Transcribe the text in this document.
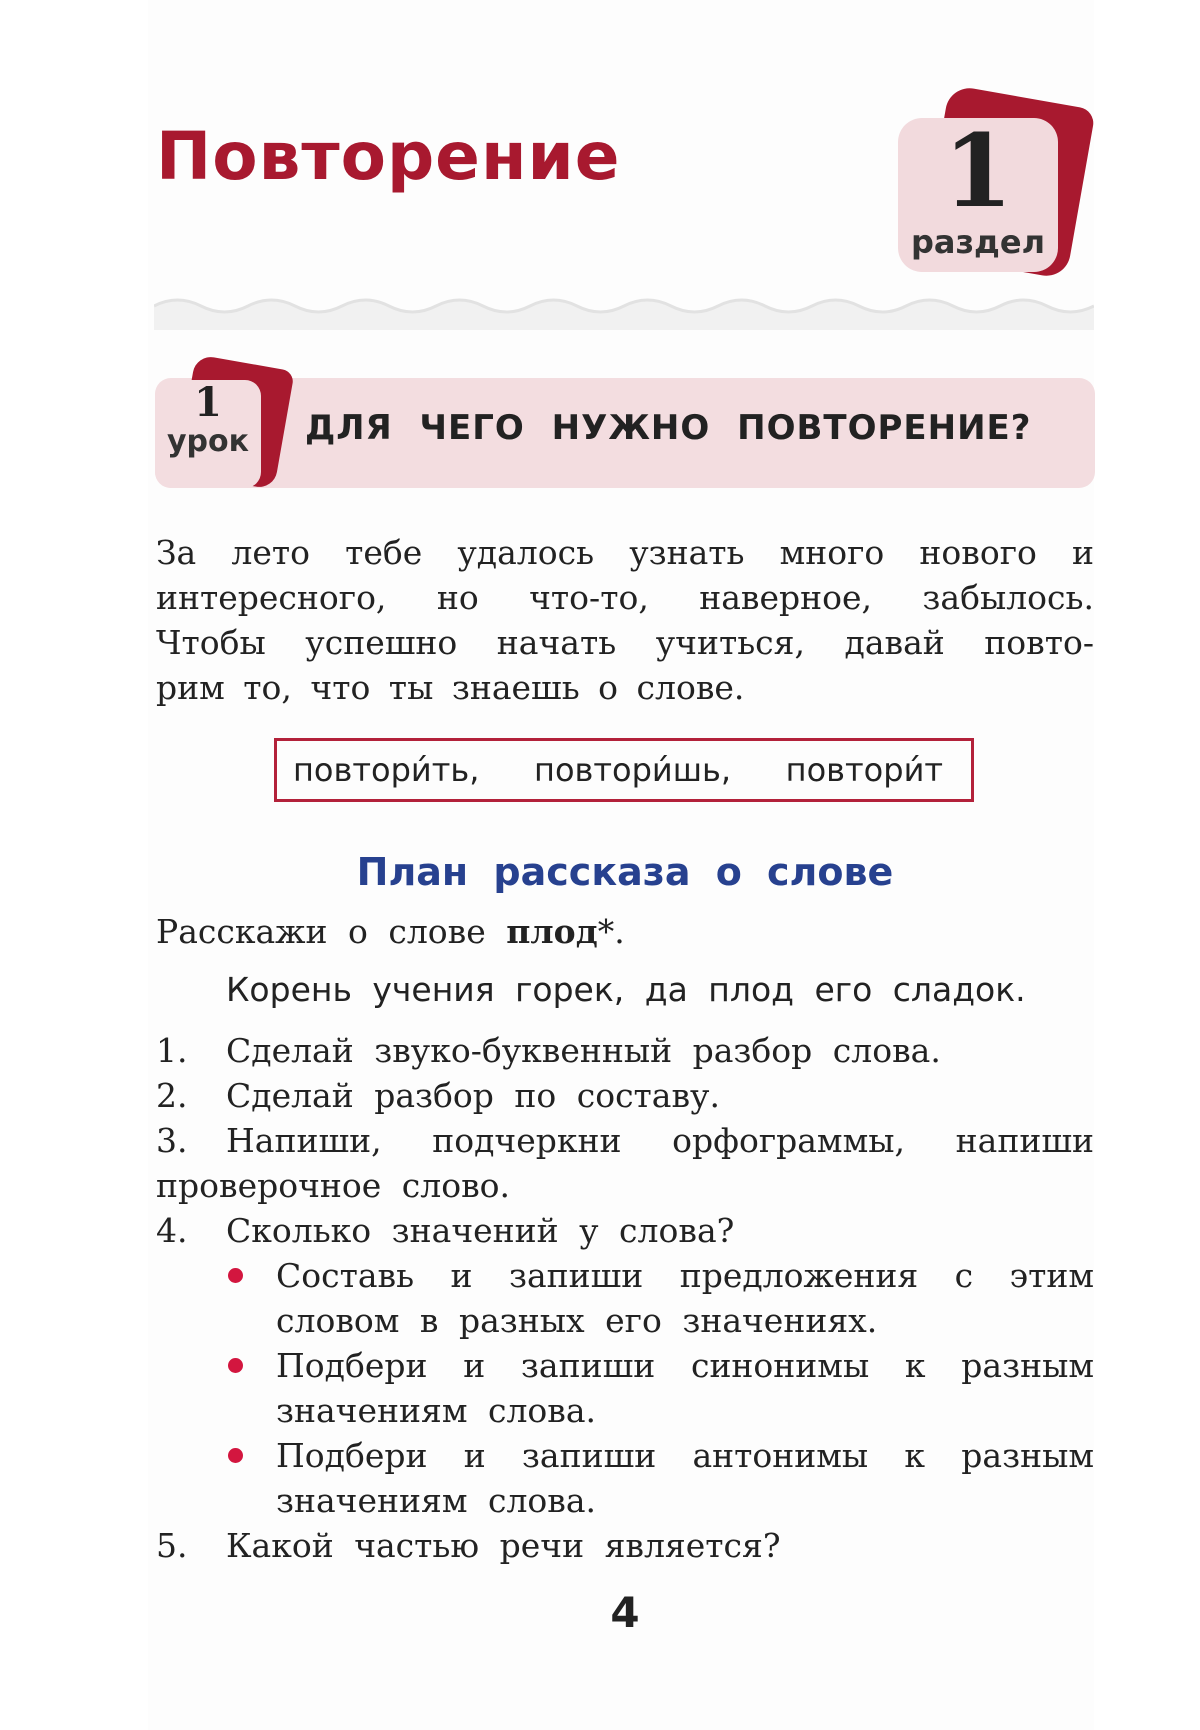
Повторение	1
раздел
1
урок	ДЛЯ ЧЕГО НУЖНО ПОВТОРЕНИЕ?
За лето тебе удалось узнать много нового и
интересного, но что-то, наверное, забылось.
Чтобы успешно начать учиться, давай повто-
рим то, что ты знаешь о слове.
повтори́ть, повтори́шь, повтори́т
План рассказа о слове

Расскажи о слове плод*.

Корень учения горек, да плод его сладок.

1. Сделай звуко-буквенный разбор слова.
2. Сделай разбор по составу.
3. Напиши, подчеркни орфограммы, напиши
проверочное слово.
4. Сколько значений у слова?
Составь и запиши предложения с этим
словом в разных его значениях.
Подбери и запиши синонимы к разным
значениям слова.
Подбери и запиши антонимы к разным
значениям слова.
5. Какой частью речи является?

4
